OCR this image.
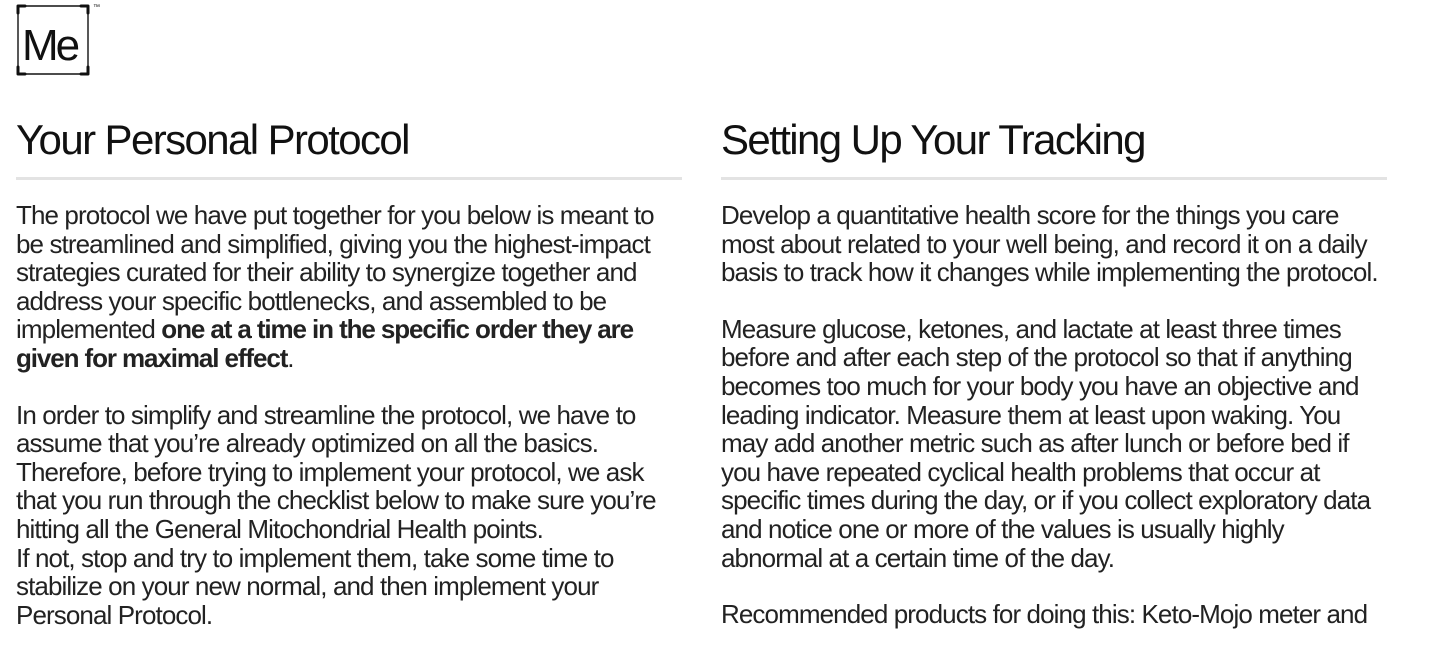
Me
™
Your Personal Protocol

The protocol we have put together for you below is meant to be streamlined and simplified, giving you the highest-impact strategies curated for their ability to synergize together and address your specific bottlenecks, and assembled to be implemented one at a time in the specific order they are given for maximal effect.

In order to simplify and streamline the protocol, we have to assume that you’re already optimized on all the basics. Therefore, before trying to implement your protocol, we ask that you run through the checklist below to make sure you’re hitting all the General Mitochondrial Health points.
If not, stop and try to implement them, take some time to stabilize on your new normal, and then implement your Personal Protocol.

Setting Up Your Tracking

Develop a quantitative health score for the things you care most about related to your well being, and record it on a daily basis to track how it changes while implementing the protocol.

Measure glucose, ketones, and lactate at least three times before and after each step of the protocol so that if anything becomes too much for your body you have an objective and leading indicator. Measure them at least upon waking. You may add another metric such as after lunch or before bed if you have repeated cyclical health problems that occur at specific times during the day, or if you collect exploratory data and notice one or more of the values is usually highly abnormal at a certain time of the day.

Recommended products for doing this: Keto-Mojo meter and
